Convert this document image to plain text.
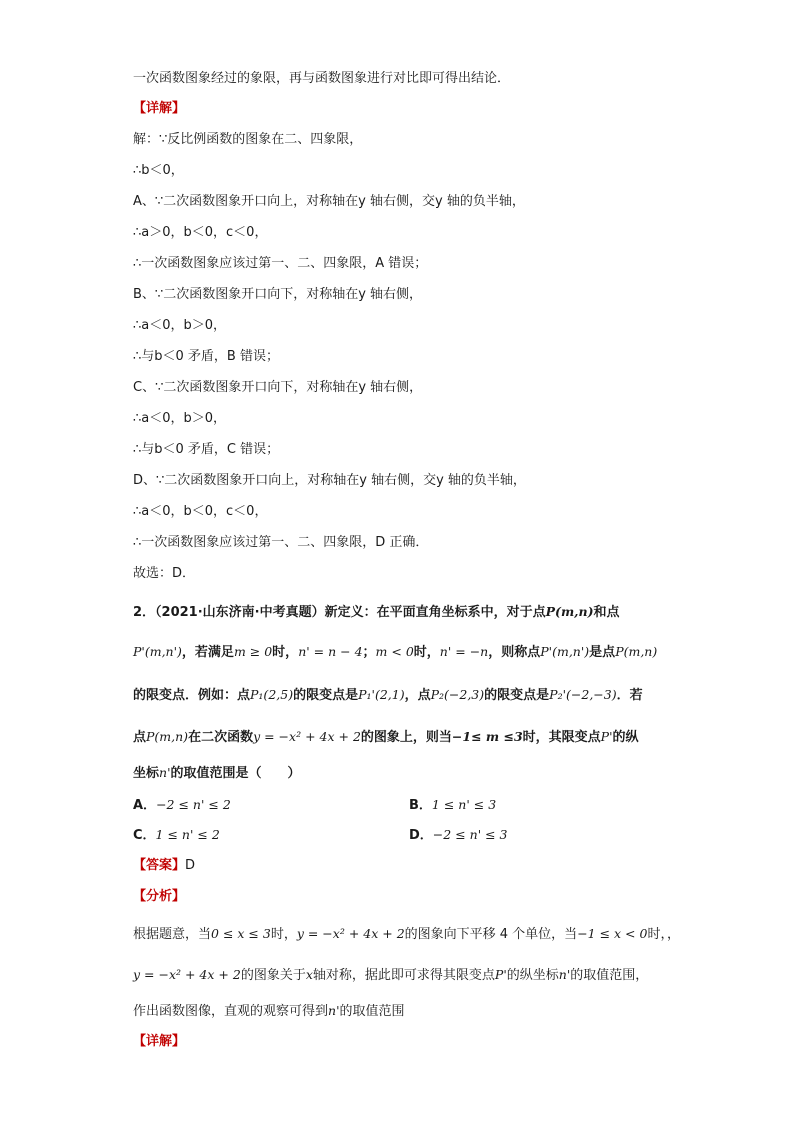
一次函数图象经过的象限，再与函数图象进行对比即可得出结论．
【详解】
解：∵反比例函数的图象在二、四象限，
∴b＜0，
A、∵二次函数图象开口向上，对称轴在y 轴右侧，交y 轴的负半轴，
∴a＞0，b＜0，c＜0，
∴一次函数图象应该过第一、二、四象限，A 错误；
B、∵二次函数图象开口向下，对称轴在y 轴右侧，
∴a＜0，b＞0，
∴与b＜0 矛盾，B 错误；
C、∵二次函数图象开口向下，对称轴在y 轴右侧，
∴a＜0，b＞0，
∴与b＜0 矛盾，C 错误；
D、∵二次函数图象开口向上，对称轴在y 轴右侧，交y 轴的负半轴，
∴a＜0，b＜0，c＜0，
∴一次函数图象应该过第一、二、四象限，D 正确．
故选：D．
2．（2021·山东济南·中考真题）新定义：在平面直角坐标系中，对于点P(m,n)和点
P'(m,n')，若满足m ≥ 0时，n' = n − 4；m < 0时，n' = −n，则称点P'(m,n')是点P(m,n)
的限变点．例如：点P₁(2,5)的限变点是P₁'(2,1)，点P₂(−2,3)的限变点是P₂'(−2,−3)．若
点P(m,n)在二次函数y = −x² + 4x + 2的图象上，则当−1≤ m ≤3时，其限变点P'的纵
坐标n'的取值范围是（　　）
A．−2 ≤ n' ≤ 2	B．1 ≤ n' ≤ 3
C．1 ≤ n' ≤ 2	D．−2 ≤ n' ≤ 3
【答案】D
【分析】
根据题意，当0 ≤ x ≤ 3时，y = −x² + 4x + 2的图象向下平移 4 个单位，当−1 ≤ x < 0时，，
y = −x² + 4x + 2的图象关于x轴对称，据此即可求得其限变点P'的纵坐标n'的取值范围，
作出函数图像，直观的观察可得到n'的取值范围
【详解】
